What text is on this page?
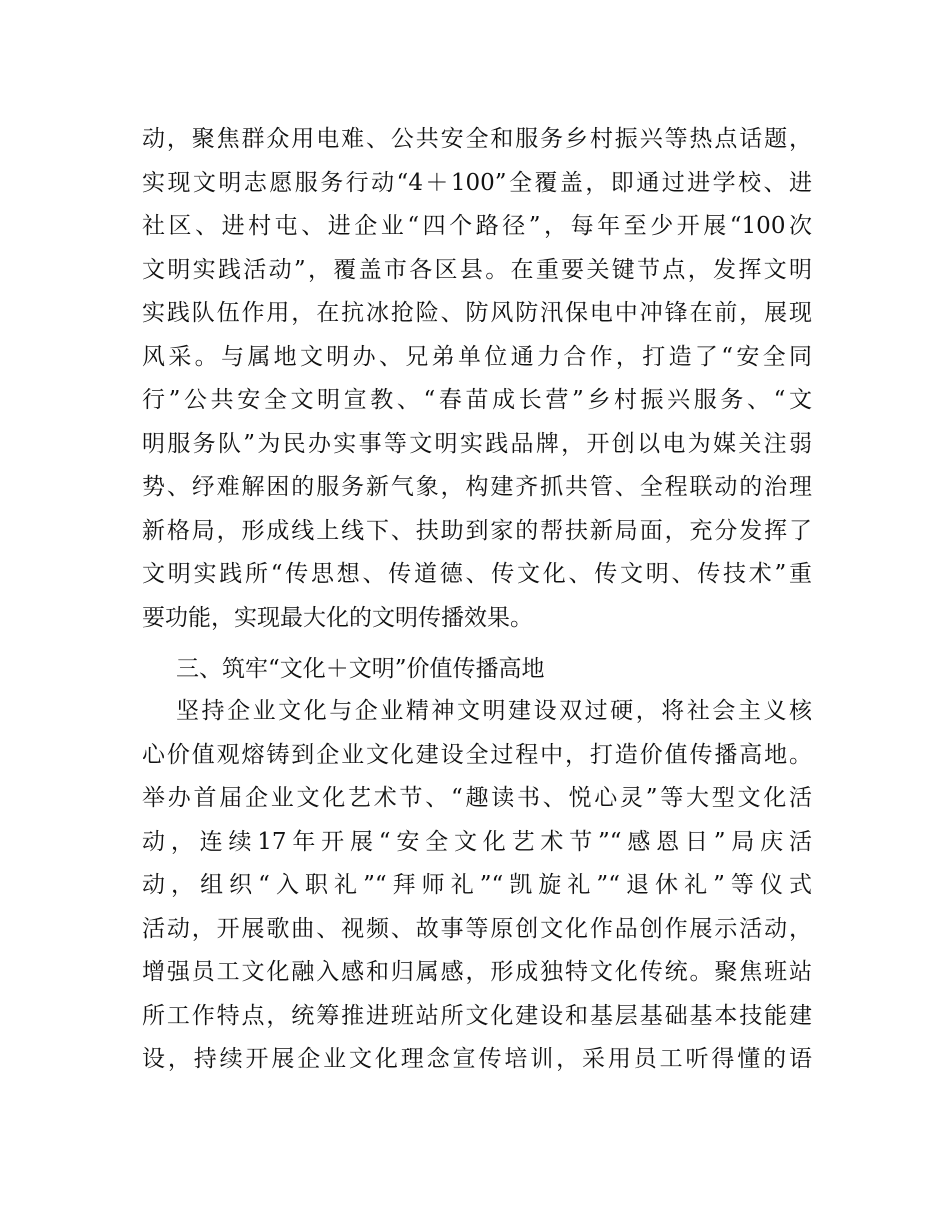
动，聚焦群众用电难、公共安全和服务乡村振兴等热点话题，
实现文明志愿服务行动“4＋100”全覆盖，即通过进学校、进
社区、进村屯、进企业“四个路径”，每年至少开展“100次
文明实践活动”，覆盖市各区县。在重要关键节点，发挥文明
实践队伍作用，在抗冰抢险、防风防汛保电中冲锋在前，展现
风采。与属地文明办、兄弟单位通力合作，打造了“安全同
行”公共安全文明宣教、“春苗成长营”乡村振兴服务、“文
明服务队”为民办实事等文明实践品牌，开创以电为媒关注弱
势、纾难解困的服务新气象，构建齐抓共管、全程联动的治理
新格局，形成线上线下、扶助到家的帮扶新局面，充分发挥了
文明实践所“传思想、传道德、传文化、传文明、传技术”重
要功能，实现最大化的文明传播效果。
三、筑牢“文化＋文明”价值传播高地
坚持企业文化与企业精神文明建设双过硬，将社会主义核
心价值观熔铸到企业文化建设全过程中，打造价值传播高地。
举办首届企业文化艺术节、“趣读书、悦心灵”等大型文化活
动，连续17年开展“安全文化艺术节”“感恩日”局庆活
动，组织“入职礼”“拜师礼”“凯旋礼”“退休礼”等仪式
活动，开展歌曲、视频、故事等原创文化作品创作展示活动，
增强员工文化融入感和归属感，形成独特文化传统。聚焦班站
所工作特点，统筹推进班站所文化建设和基层基础基本技能建
设，持续开展企业文化理念宣传培训，采用员工听得懂的语
